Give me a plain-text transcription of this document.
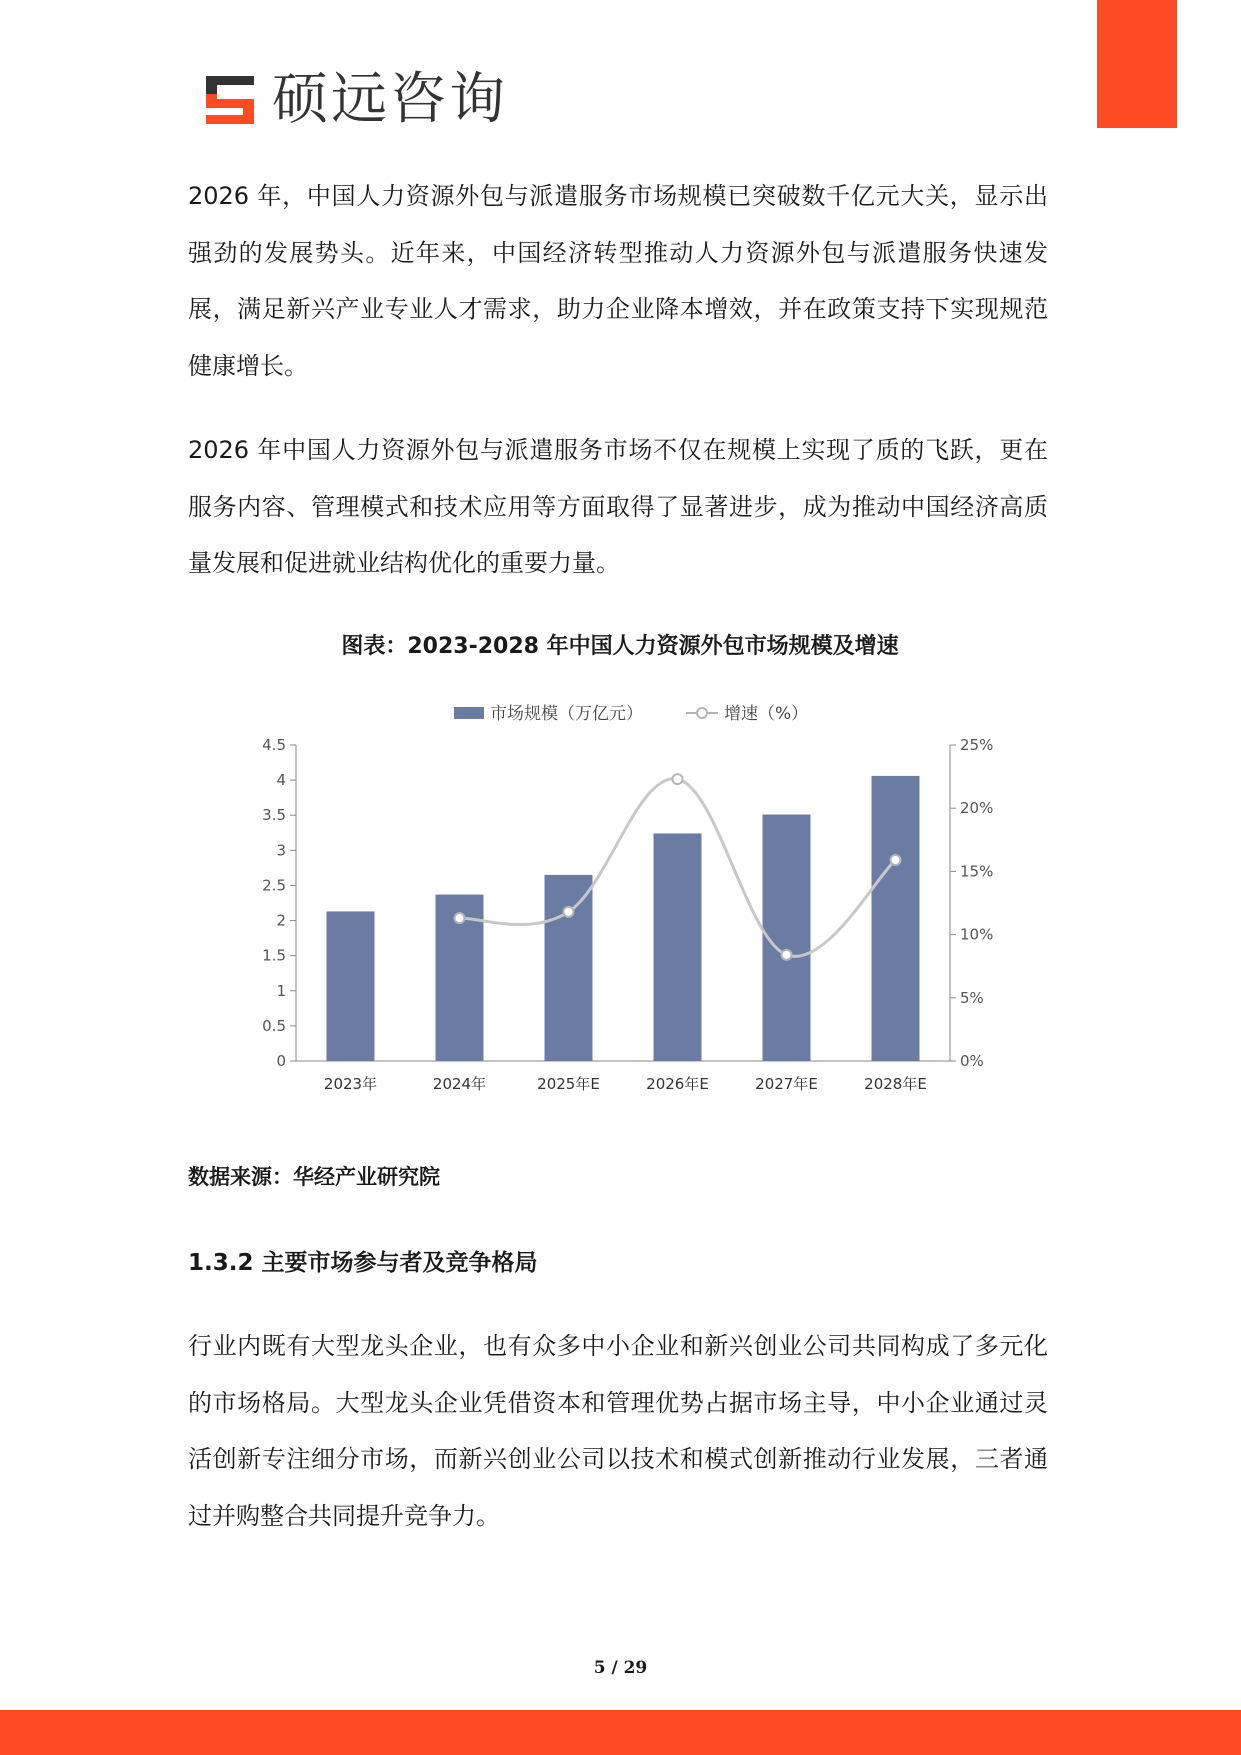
硕远咨询

2026 年，中国人力资源外包与派遣服务市场规模已突破数千亿元大关，显示出强劲的发展势头。近年来，中国经济转型推动人力资源外包与派遣服务快速发展，满足新兴产业专业人才需求，助力企业降本增效，并在政策支持下实现规范健康增长。

2026 年中国人力资源外包与派遣服务市场不仅在规模上实现了质的飞跃，更在服务内容、管理模式和技术应用等方面取得了显著进步，成为推动中国经济高质量发展和促进就业结构优化的重要力量。

图表：2023-2028 年中国人力资源外包市场规模及增速
0
0.5
1
1.5
2
2.5
3
3.5
4
4.5
0%
5%
10%
15%
20%
25%
2023年	2024年	2025年E	2026年E	2027年E	2028年E
市场规模（万亿元）	增速（%）
数据来源：华经产业研究院
1.3.2 主要市场参与者及竞争格局

行业内既有大型龙头企业，也有众多中小企业和新兴创业公司共同构成了多元化的市场格局。大型龙头企业凭借资本和管理优势占据市场主导，中小企业通过灵活创新专注细分市场，而新兴创业公司以技术和模式创新推动行业发展，三者通过并购整合共同提升竞争力。

5 / 29
